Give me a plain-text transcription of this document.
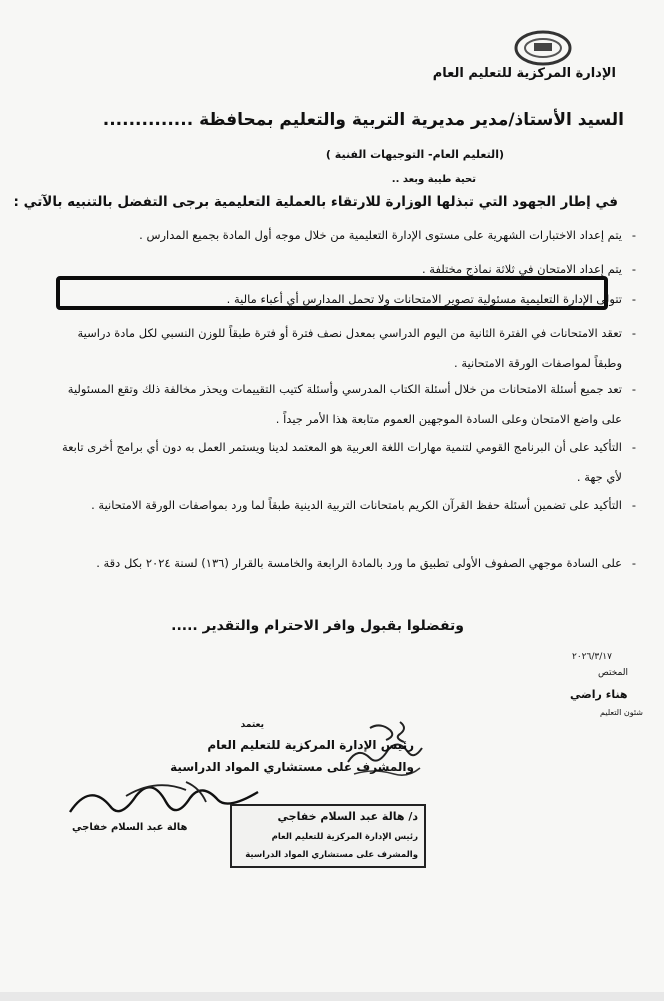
الإدارة المركزية للتعليم العام
السيد الأستاذ/مدير مديرية التربية والتعليم بمحافظة ..............
(التعليم العام- التوجيهات الفنية )
تحية طيبة وبعد ..
في إطار الجهود التي تبذلها الوزارة للارتقاء بالعملية التعليمية برجى التفضل بالتنبيه بالآتي :
- يتم إعداد الاختبارات الشهرية على مستوى الإدارة التعليمية من خلال موجه أول المادة بجميع المدارس .
- يتم إعداد الامتحان في ثلاثة نماذج مختلفة .
- تتولى الإدارة التعليمية مسئولية تصوير الامتحانات ولا تحمل المدارس أي أعباء مالية .
- تعقد الامتحانات في الفترة الثانية من اليوم الدراسي بمعدل نصف فترة أو فترة طبقاً للوزن النسبي لكل مادة دراسية وطبقاً لمواصفات الورقة الامتحانية .
- تعد جميع أسئلة الامتحانات من خلال أسئلة الكتاب المدرسي وأسئلة كتيب التقييمات ويحذر مخالفة ذلك وتقع المسئولية على واضع الامتحان وعلى السادة الموجهين العموم متابعة هذا الأمر جيداً .
- التأكيد على أن البرنامج القومي لتنمية مهارات اللغة العربية هو المعتمد لدينا ويستمر العمل به دون أي برامج أخرى تابعة لأي جهة .
- التأكيد على تضمين أسئلة حفظ القرآن الكريم بامتحانات التربية الدينية طبقاً لما ورد بمواصفات الورقة الامتحانية .
- على السادة موجهي الصفوف الأولى تطبيق ما ورد بالمادة الرابعة والخامسة بالقرار (١٣٦) لسنة ٢٠٢٤ بكل دقة .
وتفضلوا بقبول وافر الاحترام والتقدير .....
٢٠٢٦/٣/١٧
المختص
هناء راضي
شئون التعليم
يعتمد
رئيس الإدارة المركزية للتعليم العام
والمشرف على مستشاري المواد الدراسية
هالة عبد السلام خفاجي
د/ هالة عبد السلام خفاجي
رئيس الإدارة المركزية للتعليم العام
والمشرف على مستشاري المواد الدراسية
